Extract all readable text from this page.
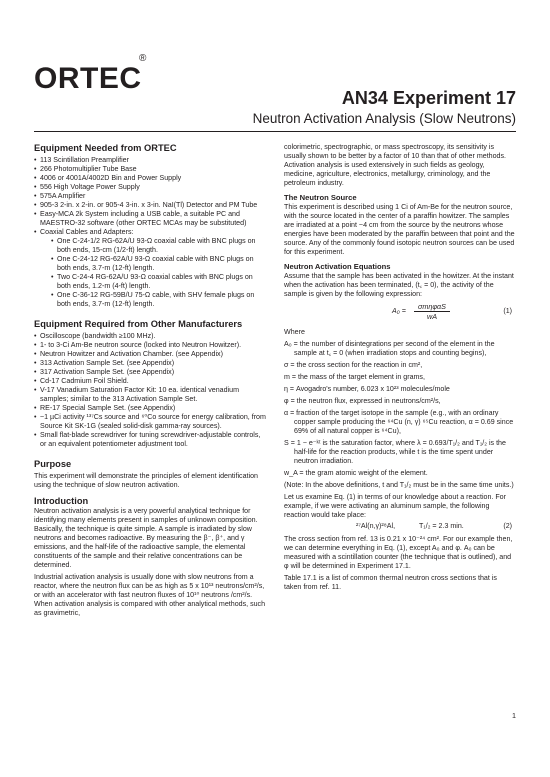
ORTEC
®
AN34 Experiment 17
Neutron Activation Analysis (Slow Neutrons)
Equipment Needed from ORTEC
• 113 Scintillation Preamplifier
• 266 Photomultiplier Tube Base
• 4006 or 4001A/4002D Bin and Power Supply
• 556 High Voltage Power Supply
• 575A Amplifier
• 905-3 2-in. x 2-in. or 905-4 3-in. x 3-in. NaI(Tl) Detector and PM Tube
• Easy-MCA 2k System including a USB cable, a suitable PC and MAESTRO-32 software (other ORTEC MCAs may be substituted)
• Coaxial Cables and Adapters:
• One C-24-1/2 RG-62A/U 93-Ω coaxial cable with BNC plugs on both ends, 15-cm (1/2-ft) length.
• One C-24-12 RG-62A/U 93-Ω coaxial cable with BNC plugs on both ends, 3.7-m (12-ft) length.
• Two C-24-4 RG-62A/U 93-Ω coaxial cables with BNC plugs on both ends, 1.2-m (4-ft) length.
• One C-36-12 RG-59B/U 75-Ω cable, with SHV female plugs on both ends, 3.7-m (12-ft) length.
Equipment Required from Other Manufacturers
• Oscilloscope (bandwidth ≥100 MHz).
• 1- to 3-Ci Am-Be neutron source (locked into Neutron Howitzer).
• Neutron Howitzer and Activation Chamber. (see Appendix)
• 313 Activation Sample Set. (see Appendix)
• 317 Activation Sample Set. (see Appendix)
• Cd-17 Cadmium Foil Shield.
• V-17 Vanadium Saturation Factor Kit: 10 ea. identical venadium samples; similar to the 313 Activation Sample Set.
• RE-17 Special Sample Set. (see Appendix)
• ~1 µCi activity ¹³⁷Cs source and ⁶⁰Co source for energy calibration, from Source Kit SK-1G (sealed solid-disk gamma-ray sources).
• Small flat-blade screwdriver for tuning screwdriver-adjustable controls, or an equivalent potentiometer adjustment tool.
Purpose

This experiment will demonstrate the principles of element identification using the technique of slow neutron activation.

Introduction

Neutron activation analysis is a very powerful analytical technique for identifying many elements present in samples of unknown composition. Basically, the technique is quite simple. A sample is irradiated by slow neutrons and becomes radioactive. By measuring the β⁻, β⁺, and γ emissions, and the half-life of the radioactive sample, the elemental constituents of the sample and their relative concentrations can be determined.

Industrial activation analysis is usually done with slow neutrons from a reactor, where the neutron flux can be as high as 5 x 10¹³ neutrons/cm²/s, or with an accelerator with fast neutron fluxes of 10¹⁰ neutrons /cm²/s. When activation analysis is compared with other analytical methods, such as gravimetric,

colorimetric, spectrographic, or mass spectroscopy, its sensitivity is usually shown to be better by a factor of 10 than that of other methods. Activation analysis is used extensively in such fields as geology, medicine, agriculture, electronics, metallurgy, criminology, and the petroleum industry.

The Neutron Source

This experiment is described using 1 Ci of Am-Be for the neutron source, with the source located in the center of a paraffin howitzer. The samples are irradiated at a point ~4 cm from the source by the neutrons whose energies have been moderated by the paraffin between that point and the source. Any of the commonly found isotopic neutron sources can be used for this experiment.

Neutron Activation Equations

Assume that the sample has been activated in the howitzer. At the instant when the activation has been terminated, (t꜀ = 0), the activity of the sample is given by the following expression:

A₀ =	σmηφαS
wA
(1)

Where

A₀ = the number of disintegrations per second of the element in the sample at t꜀ = 0 (when irradiation stops and counting begins),

σ = the cross section for the reaction in cm²,

m = the mass of the target element in grams,

η = Avogadro's number, 6.023 x 10²³ molecules/mole

φ = the neutron flux, expressed in neutrons/cm²/s,

α = fraction of the target isotope in the sample (e.g., with an ordinary copper sample producing the ⁶⁴Cu (n, γ) ⁶⁵Cu reaction, α = 0.69 since 69% of all natural copper is ⁶⁴Cu),

S = 1 − e⁻ᵏᵗ is the saturation factor, where λ = 0.693/T₁/₂ and T₁/₂ is the half-life for the reaction products, while t is the time spent under neutron irradiation.

w_A = the gram atomic weight of the element.

(Note: In the above definitions, t and T₁/₂ must be in the same time units.)

Let us examine Eq. (1) in terms of our knowledge about a reaction. For example, if we were activating an aluminum sample, the following reaction would take place:

²⁷Al(n,γ)²⁸Al,	T₁/₂ = 2.3 min.	(2)

The cross section from ref. 13 is 0.21 x 10⁻²⁴ cm². For our example then, we can determine everything in Eq. (1), except A₀ and φ. A₀ can be measured with a scintillation counter (the technique that is outlined), and φ will be determined in Experiment 17.1.

Table 17.1 is a list of common thermal neutron cross sections that is taken from ref. 11.

1
